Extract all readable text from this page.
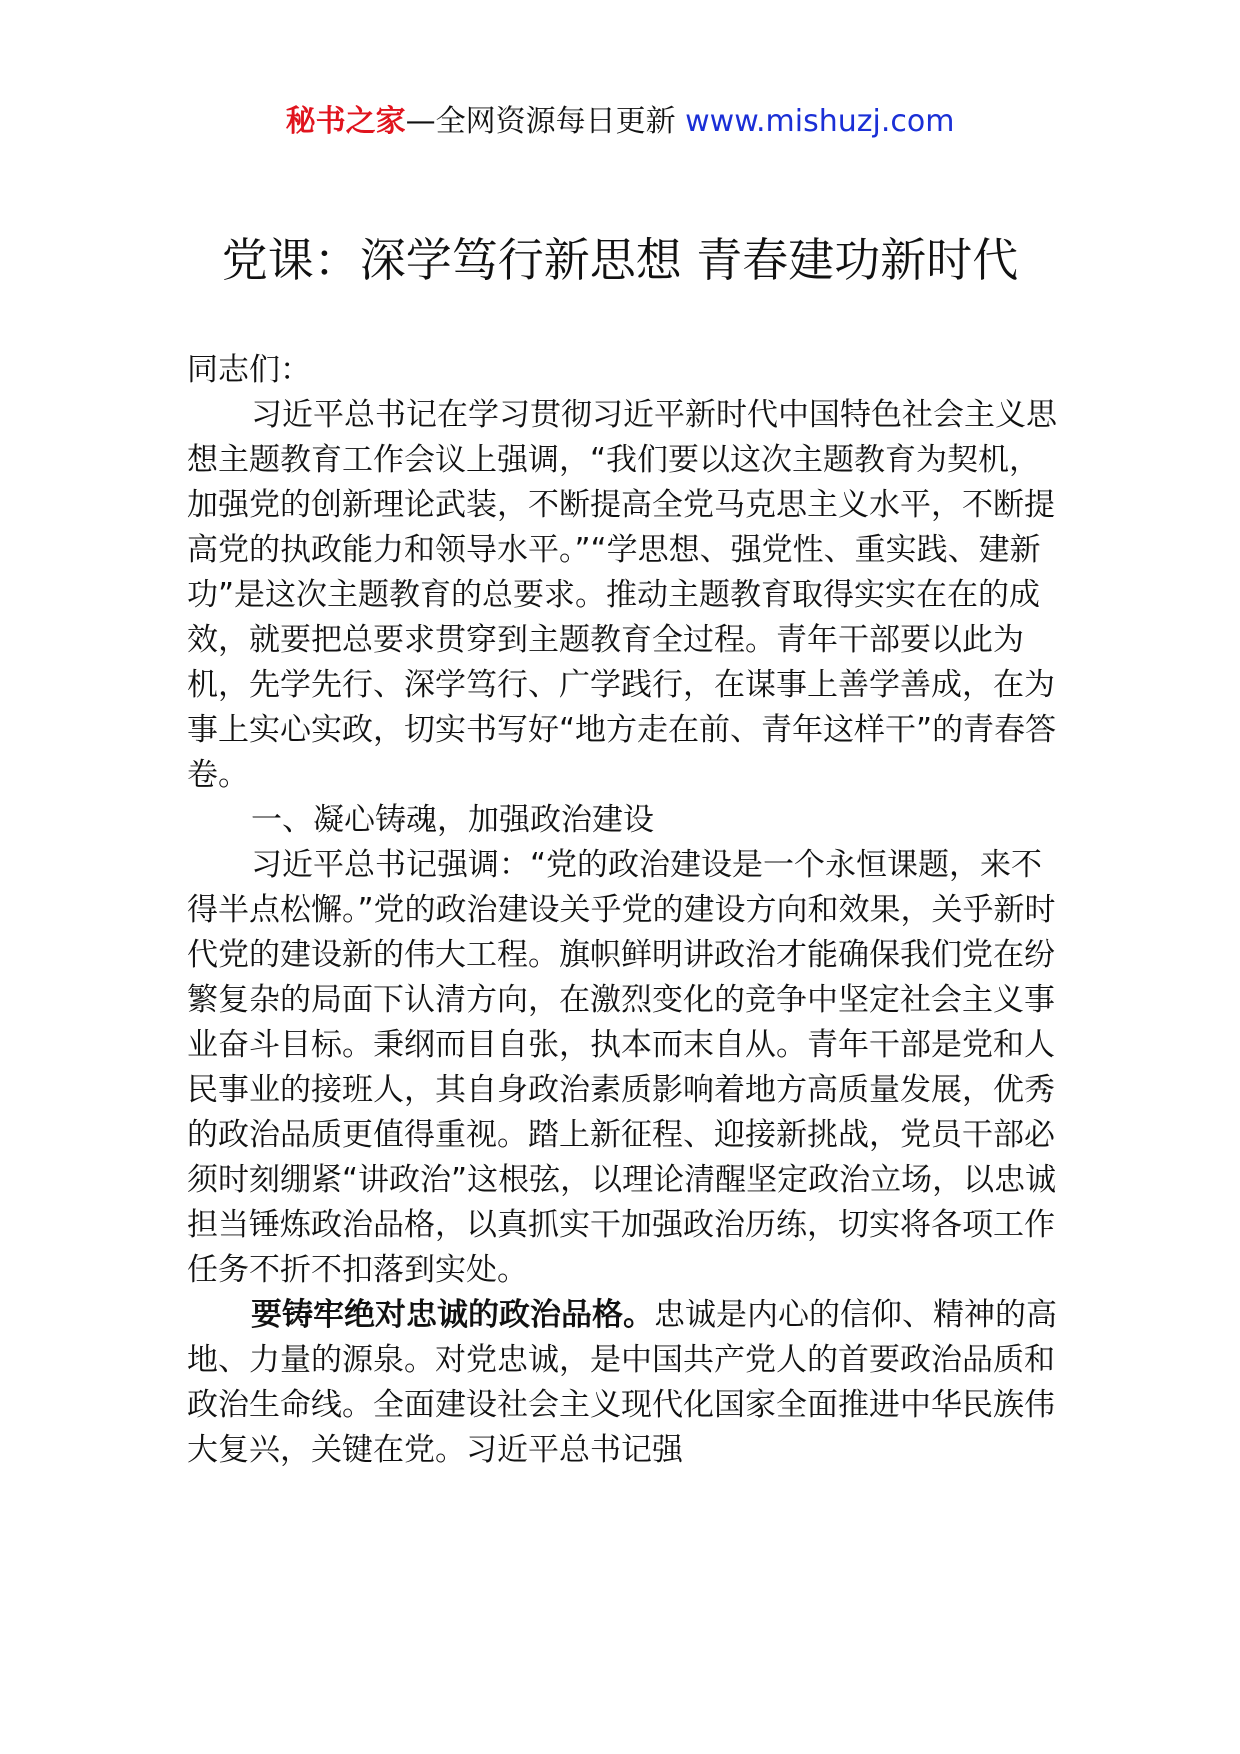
秘书之家—全网资源每日更新 www.mishuzj.com
党课：深学笃行新思想 青春建功新时代

同志们：

习近平总书记在学习贯彻习近平新时代中国特色社会主义思想主题教育工作会议上强调，“我们要以这次主题教育为契机，加强党的创新理论武装，不断提高全党马克思主义水平，不断提高党的执政能力和领导水平。”“学思想、强党性、重实践、建新功”是这次主题教育的总要求。推动主题教育取得实实在在的成效，就要把总要求贯穿到主题教育全过程。青年干部要以此为机，先学先行、深学笃行、广学践行，在谋事上善学善成，在为事上实心实政，切实书写好“地方走在前、青年这样干”的青春答卷。

一、凝心铸魂，加强政治建设

习近平总书记强调：“党的政治建设是一个永恒课题，来不得半点松懈。”党的政治建设关乎党的建设方向和效果，关乎新时代党的建设新的伟大工程。旗帜鲜明讲政治才能确保我们党在纷繁复杂的局面下认清方向，在激烈变化的竞争中坚定社会主义事业奋斗目标。秉纲而目自张，执本而末自从。青年干部是党和人民事业的接班人，其自身政治素质影响着地方高质量发展，优秀的政治品质更值得重视。踏上新征程、迎接新挑战，党员干部必须时刻绷紧“讲政治”这根弦，以理论清醒坚定政治立场，以忠诚担当锤炼政治品格，以真抓实干加强政治历练，切实将各项工作任务不折不扣落到实处。

要铸牢绝对忠诚的政治品格。忠诚是内心的信仰、精神的高地、力量的源泉。对党忠诚，是中国共产党人的首要政治品质和政治生命线。全面建设社会主义现代化国家全面推进中华民族伟大复兴，关键在党。习近平总书记强
